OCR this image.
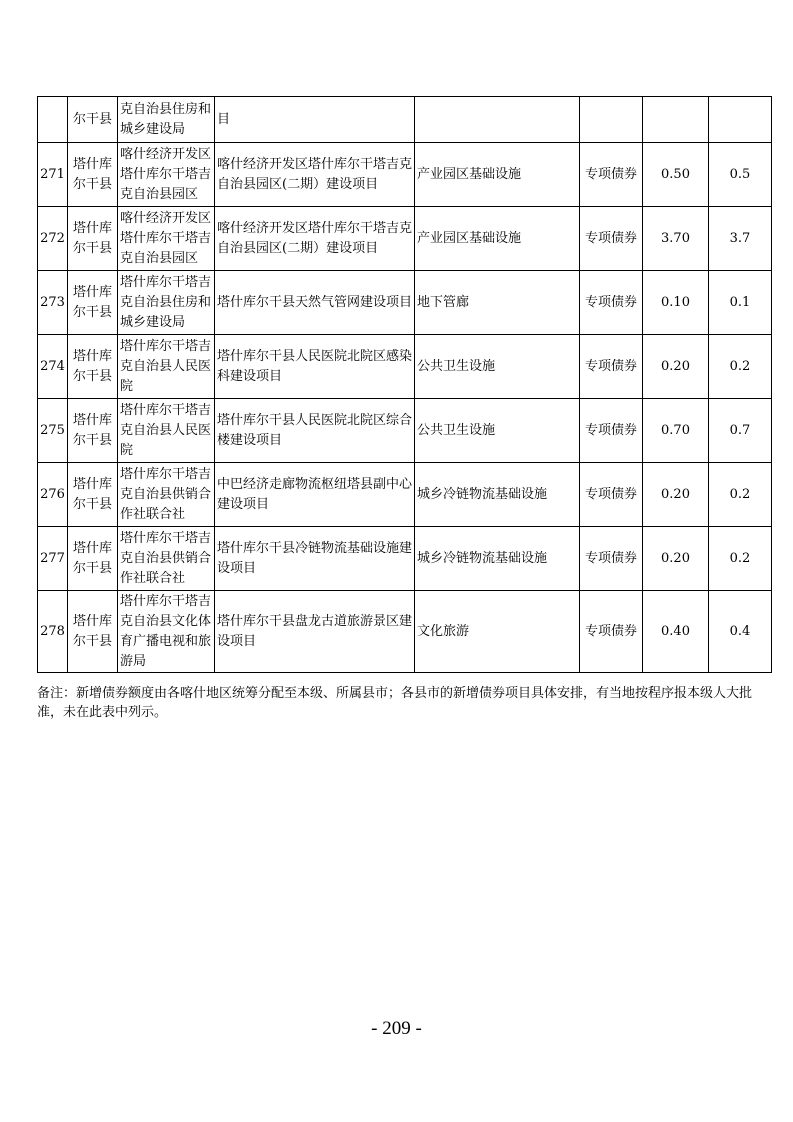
	尔干县	克自治县住房和城乡建设局	目				
271	塔什库尔干县	喀什经济开发区塔什库尔干塔吉克自治县园区	喀什经济开发区塔什库尔干塔吉克自治县园区(二期）建设项目	产业园区基础设施	专项债券	0.50	0.5
272	塔什库尔干县	喀什经济开发区塔什库尔干塔吉克自治县园区	喀什经济开发区塔什库尔干塔吉克自治县园区(二期）建设项目	产业园区基础设施	专项债券	3.70	3.7
273	塔什库尔干县	塔什库尔干塔吉克自治县住房和城乡建设局	塔什库尔干县天然气管网建设项目	地下管廊	专项债券	0.10	0.1
274	塔什库尔干县	塔什库尔干塔吉克自治县人民医院	塔什库尔干县人民医院北院区感染科建设项目	公共卫生设施	专项债券	0.20	0.2
275	塔什库尔干县	塔什库尔干塔吉克自治县人民医院	塔什库尔干县人民医院北院区综合楼建设项目	公共卫生设施	专项债券	0.70	0.7
276	塔什库尔干县	塔什库尔干塔吉克自治县供销合作社联合社	中巴经济走廊物流枢纽塔县副中心建设项目	城乡冷链物流基础设施	专项债券	0.20	0.2
277	塔什库尔干县	塔什库尔干塔吉克自治县供销合作社联合社	塔什库尔干县冷链物流基础设施建设项目	城乡冷链物流基础设施	专项债券	0.20	0.2
278	塔什库尔干县	塔什库尔干塔吉克自治县文化体育广播电视和旅游局	塔什库尔干县盘龙古道旅游景区建设项目	文化旅游	专项债券	0.40	0.4
备注：新增债券额度由各喀什地区统筹分配至本级、所属县市；各县市的新增债券项目具体安排，有当地按程序报本级人大批准，未在此表中列示。
- 209 -
